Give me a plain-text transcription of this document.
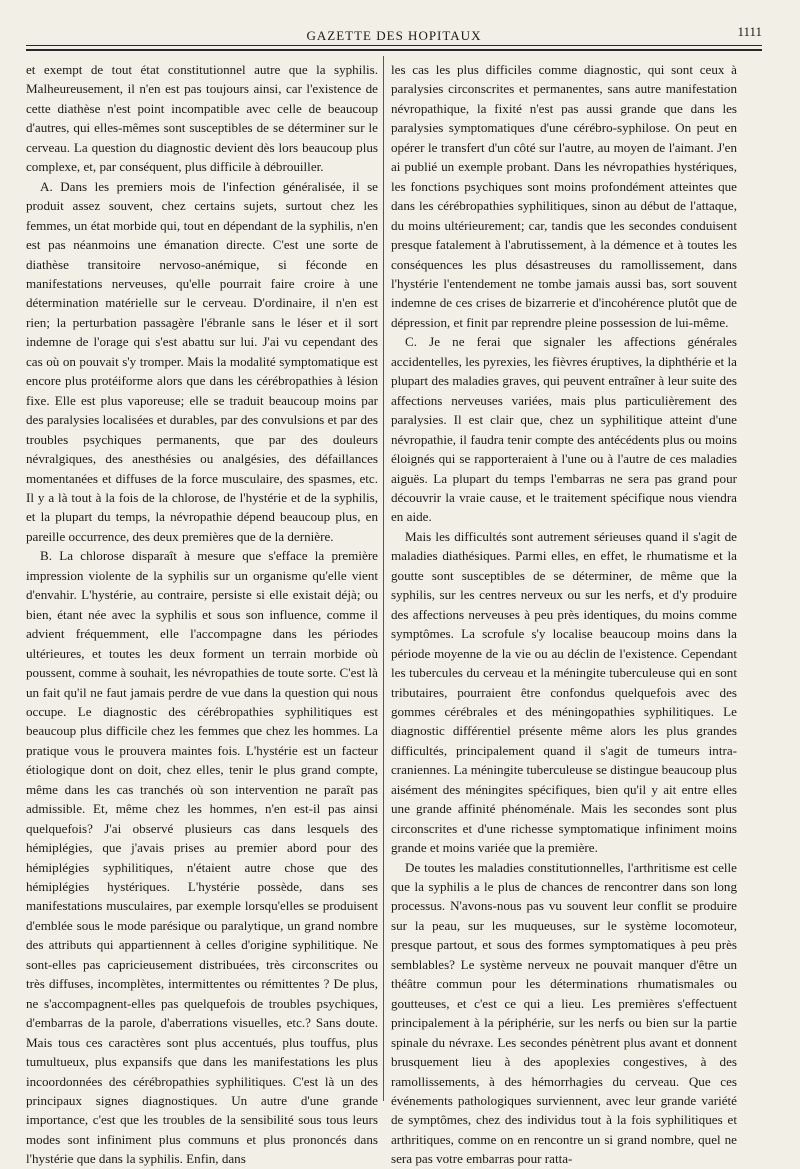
GAZETTE DES HOPITAUX	1111

et exempt de tout état constitutionnel autre que la syphilis. Malheureusement, il n'en est pas toujours ainsi, car l'existence de cette diathèse n'est point incompatible avec celle de beaucoup d'autres, qui elles-mêmes sont susceptibles de se déterminer sur le cerveau. La question du diagnostic devient dès lors beaucoup plus complexe, et, par conséquent, plus difficile à débrouiller.

A. Dans les premiers mois de l'infection généralisée, il se produit assez souvent, chez certains sujets, surtout chez les femmes, un état morbide qui, tout en dépendant de la syphilis, n'en est pas néanmoins une émanation directe. C'est une sorte de diathèse transitoire nervoso-anémique, si féconde en manifestations nerveuses, qu'elle pourrait faire croire à une détermination matérielle sur le cerveau. D'ordinaire, il n'en est rien; la perturbation passagère l'ébranle sans le léser et il sort indemne de l'orage qui s'est abattu sur lui. J'ai vu cependant des cas où on pouvait s'y tromper. Mais la modalité symptomatique est encore plus protéiforme alors que dans les cérébropathies à lésion fixe. Elle est plus vaporeuse; elle se traduit beaucoup moins par des paralysies localisées et durables, par des convulsions et par des troubles psychiques permanents, que par des douleurs névralgiques, des anesthésies ou analgésies, des défaillances momentanées et diffuses de la force musculaire, des spasmes, etc. Il y a là tout à la fois de la chlorose, de l'hystérie et de la syphilis, et la plupart du temps, la névropathie dépend beaucoup plus, en pareille occurrence, des deux premières que de la dernière.

B. La chlorose disparaît à mesure que s'efface la première impression violente de la syphilis sur un organisme qu'elle vient d'envahir. L'hystérie, au contraire, persiste si elle existait déjà; ou bien, étant née avec la syphilis et sous son influence, comme il advient fréquemment, elle l'accompagne dans les périodes ultérieures, et toutes les deux forment un terrain morbide où poussent, comme à souhait, les névropathies de toute sorte. C'est là un fait qu'il ne faut jamais perdre de vue dans la question qui nous occupe. Le diagnostic des cérébropathies syphilitiques est beaucoup plus difficile chez les femmes que chez les hommes. La pratique vous le prouvera maintes fois. L'hystérie est un facteur étiologique dont on doit, chez elles, tenir le plus grand compte, même dans les cas tranchés où son intervention ne paraît pas admissible. Et, même chez les hommes, n'en est-il pas ainsi quelquefois? J'ai observé plusieurs cas dans lesquels des hémiplégies, que j'avais prises au premier abord pour des hémiplégies syphilitiques, n'étaient autre chose que des hémiplégies hystériques. L'hystérie possède, dans ses manifestations musculaires, par exemple lorsqu'elles se produisent d'emblée sous le mode parésique ou paralytique, un grand nombre des attributs qui appartiennent à celles d'origine syphilitique. Ne sont-elles pas capricieusement distribuées, très circonscrites ou très diffuses, incomplètes, intermittentes ou rémittentes ? De plus, ne s'accompagnent-elles pas quelquefois de troubles psychiques, d'embarras de la parole, d'aberrations visuelles, etc.? Sans doute. Mais tous ces caractères sont plus accentués, plus touffus, plus tumultueux, plus expansifs que dans les manifestations les plus incoordonnées des cérébropathies syphilitiques. C'est là un des principaux signes diagnostiques. Un autre d'une grande importance, c'est que les troubles de la sensibilité sous tous leurs modes sont infiniment plus communs et plus prononcés dans l'hystérie que dans la syphilis. Enfin, dans

les cas les plus difficiles comme diagnostic, qui sont ceux à paralysies circonscrites et permanentes, sans autre manifestation névropathique, la fixité n'est pas aussi grande que dans les paralysies symptomatiques d'une cérébro-syphilose. On peut en opérer le transfert d'un côté sur l'autre, au moyen de l'aimant. J'en ai publié un exemple probant. Dans les névropathies hystériques, les fonctions psychiques sont moins profondément atteintes que dans les cérébropathies syphilitiques, sinon au début de l'attaque, du moins ultérieurement; car, tandis que les secondes conduisent presque fatalement à l'abrutissement, à la démence et à toutes les conséquences les plus désastreuses du ramollissement, dans l'hystérie l'entendement ne tombe jamais aussi bas, sort souvent indemne de ces crises de bizarrerie et d'incohérence plutôt que de dépression, et finit par reprendre pleine possession de lui-même.

C. Je ne ferai que signaler les affections générales accidentelles, les pyrexies, les fièvres éruptives, la diphthérie et la plupart des maladies graves, qui peuvent entraîner à leur suite des affections nerveuses variées, mais plus particulièrement des paralysies. Il est clair que, chez un syphilitique atteint d'une névropathie, il faudra tenir compte des antécédents plus ou moins éloignés qui se rapporteraient à l'une ou à l'autre de ces maladies aiguës. La plupart du temps l'embarras ne sera pas grand pour découvrir la vraie cause, et le traitement spécifique nous viendra en aide.

Mais les difficultés sont autrement sérieuses quand il s'agit de maladies diathésiques. Parmi elles, en effet, le rhumatisme et la goutte sont susceptibles de se déterminer, de même que la syphilis, sur les centres nerveux ou sur les nerfs, et d'y produire des affections nerveuses à peu près identiques, du moins comme symptômes. La scrofule s'y localise beaucoup moins dans la période moyenne de la vie ou au déclin de l'existence. Cependant les tubercules du cerveau et la méningite tuberculeuse qui en sont tributaires, pourraient être confondus quelquefois avec des gommes cérébrales et des méningopathies syphilitiques. Le diagnostic différentiel présente même alors les plus grandes difficultés, principalement quand il s'agit de tumeurs intra-craniennes. La méningite tuberculeuse se distingue beaucoup plus aisément des méningites spécifiques, bien qu'il y ait entre elles une grande affinité phénoménale. Mais les secondes sont plus circonscrites et d'une richesse symptomatique infiniment moins grande et moins variée que la première.

De toutes les maladies constitutionnelles, l'arthritisme est celle que la syphilis a le plus de chances de rencontrer dans son long processus. N'avons-nous pas vu souvent leur conflit se produire sur la peau, sur les muqueuses, sur le système locomoteur, presque partout, et sous des formes symptomatiques à peu près semblables? Le système nerveux ne pouvait manquer d'être un théâtre commun pour les déterminations rhumatismales ou goutteuses, et c'est ce qui a lieu. Les premières s'effectuent principalement à la périphérie, sur les nerfs ou bien sur la partie spinale du névraxe. Les secondes pénètrent plus avant et donnent brusquement lieu à des apoplexies congestives, à des ramollissements, à des hémorrhagies du cerveau. Que ces événements pathologiques surviennent, avec leur grande variété de symptômes, chez des individus tout à la fois syphilitiques et arthritiques, comme on en rencontre un si grand nombre, quel ne sera pas votre embarras pour ratta-
